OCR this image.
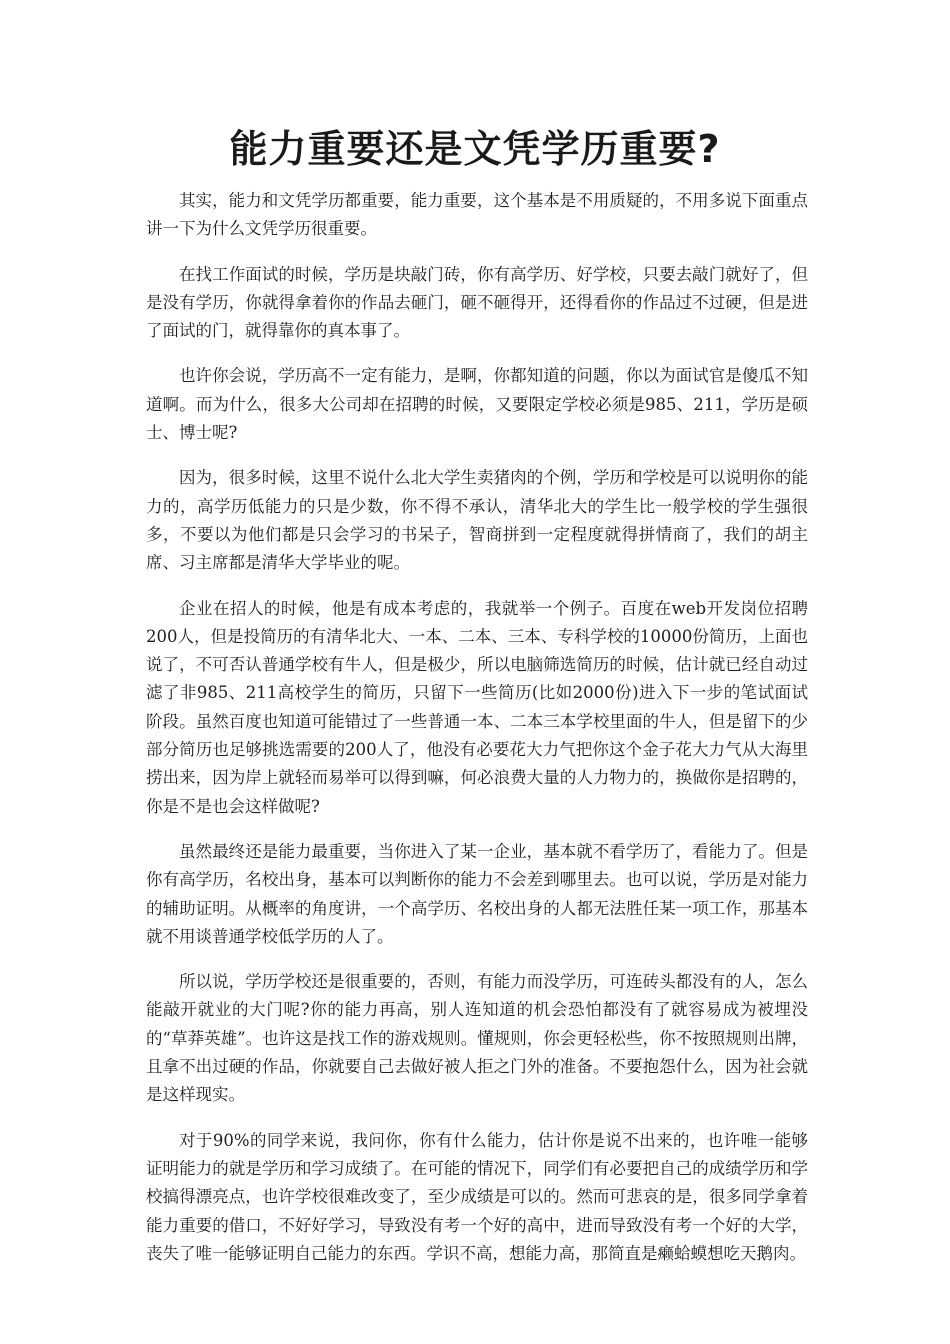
能力重要还是文凭学历重要?

其实，能力和文凭学历都重要，能力重要，这个基本是不用质疑的，不用多说下面重点讲一下为什么文凭学历很重要。

在找工作面试的时候，学历是块敲门砖，你有高学历、好学校，只要去敲门就好了，但是没有学历，你就得拿着你的作品去砸门，砸不砸得开，还得看你的作品过不过硬，但是进了面试的门，就得靠你的真本事了。

也许你会说，学历高不一定有能力，是啊，你都知道的问题，你以为面试官是傻瓜不知道啊。而为什么，很多大公司却在招聘的时候，又要限定学校必须是985、211，学历是硕士、博士呢?

因为，很多时候，这里不说什么北大学生卖猪肉的个例，学历和学校是可以说明你的能力的，高学历低能力的只是少数，你不得不承认，清华北大的学生比一般学校的学生强很多，不要以为他们都是只会学习的书呆子，智商拼到一定程度就得拼情商了，我们的胡主席、习主席都是清华大学毕业的呢。

企业在招人的时候，他是有成本考虑的，我就举一个例子。百度在web开发岗位招聘200人，但是投简历的有清华北大、一本、二本、三本、专科学校的10000份简历，上面也说了，不可否认普通学校有牛人，但是极少，所以电脑筛选简历的时候，估计就已经自动过滤了非985、211高校学生的简历，只留下一些简历(比如2000份)进入下一步的笔试面试阶段。虽然百度也知道可能错过了一些普通一本、二本三本学校里面的牛人，但是留下的少部分简历也足够挑选需要的200人了，他没有必要花大力气把你这个金子花大力气从大海里捞出来，因为岸上就轻而易举可以得到嘛，何必浪费大量的人力物力的，换做你是招聘的，你是不是也会这样做呢?

虽然最终还是能力最重要，当你进入了某一企业，基本就不看学历了，看能力了。但是你有高学历，名校出身，基本可以判断你的能力不会差到哪里去。也可以说，学历是对能力的辅助证明。从概率的角度讲，一个高学历、名校出身的人都无法胜任某一项工作，那基本就不用谈普通学校低学历的人了。

所以说，学历学校还是很重要的，否则，有能力而没学历，可连砖头都没有的人，怎么能敲开就业的大门呢?你的能力再高，别人连知道的机会恐怕都没有了就容易成为被埋没的“草莽英雄”。也许这是找工作的游戏规则。懂规则，你会更轻松些，你不按照规则出牌，且拿不出过硬的作品，你就要自己去做好被人拒之门外的准备。不要抱怨什么，因为社会就是这样现实。

对于90%的同学来说，我问你，你有什么能力，估计你是说不出来的，也许唯一能够证明能力的就是学历和学习成绩了。在可能的情况下，同学们有必要把自己的成绩学历和学校搞得漂亮点，也许学校很难改变了，至少成绩是可以的。然而可悲哀的是，很多同学拿着能力重要的借口，不好好学习，导致没有考一个好的高中，进而导致没有考一个好的大学，丧失了唯一能够证明自己能力的东西。学识不高，想能力高，那简直是癞蛤蟆想吃天鹅肉。
